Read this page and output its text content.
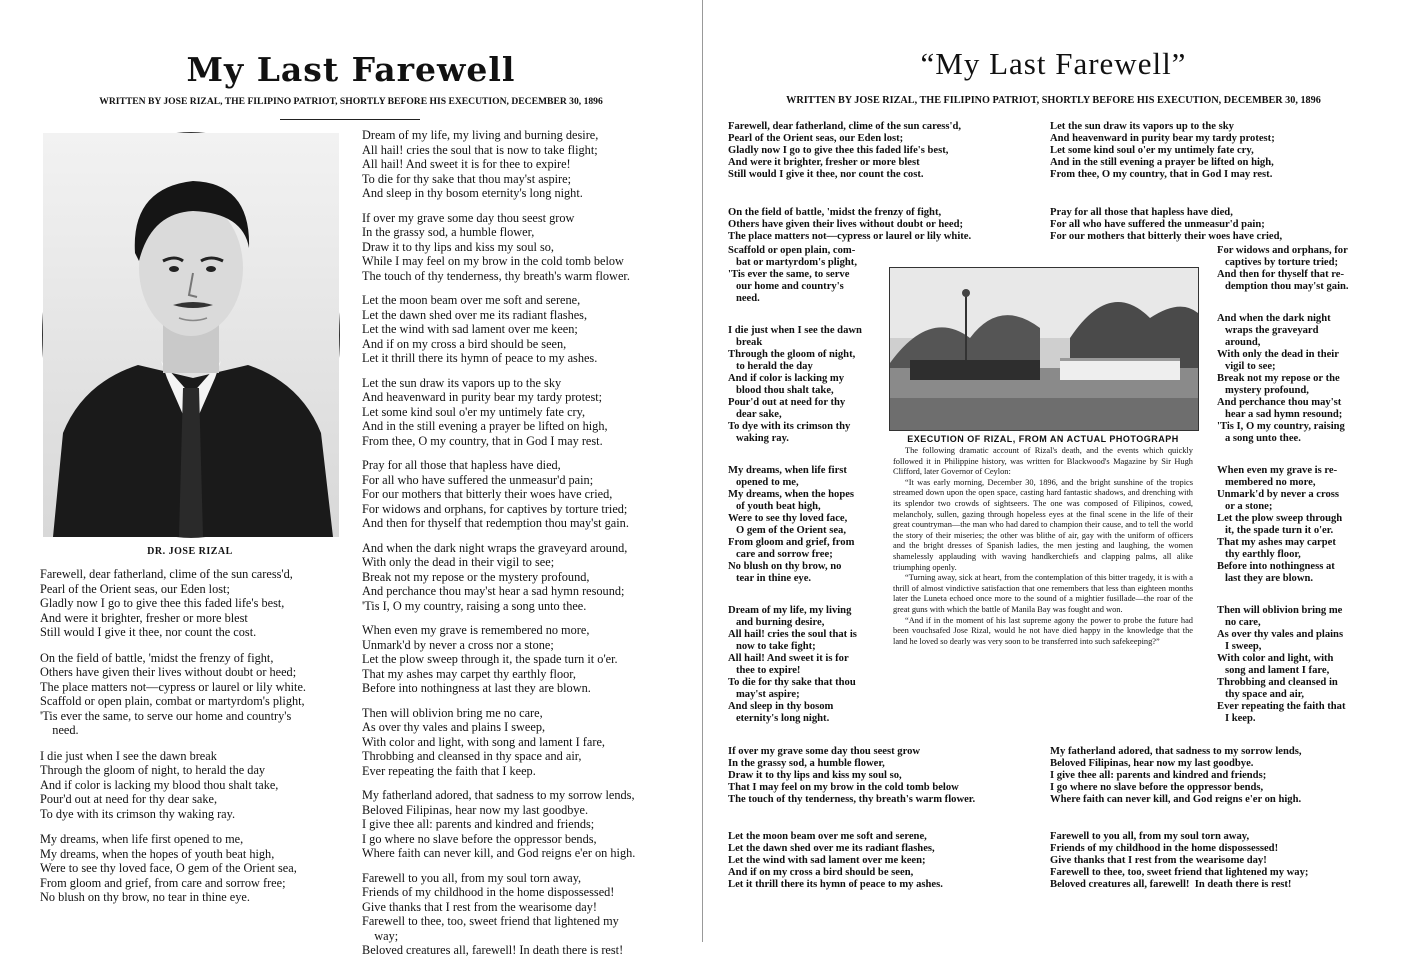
My Last Farewell
WRITTEN BY JOSE RIZAL, THE FILIPINO PATRIOT, SHORTLY BEFORE HIS EXECUTION, DECEMBER 30, 1896
DR. JOSE RIZAL

Farewell, dear fatherland, clime of the sun caress'd,
Pearl of the Orient seas, our Eden lost;
Gladly now I go to give thee this faded life's best,
And were it brighter, fresher or more blest
Still would I give it thee, nor count the cost.

On the field of battle, 'midst the frenzy of fight,
Others have given their lives without doubt or heed;
The place matters not—cypress or laurel or lily white.
Scaffold or open plain, combat or martyrdom's plight,
'Tis ever the same, to serve our home and country's
need.

I die just when I see the dawn break
Through the gloom of night, to herald the day
And if color is lacking my blood thou shalt take,
Pour'd out at need for thy dear sake,
To dye with its crimson thy waking ray.

My dreams, when life first opened to me,
My dreams, when the hopes of youth beat high,
Were to see thy loved face, O gem of the Orient sea,
From gloom and grief, from care and sorrow free;
No blush on thy brow, no tear in thine eye.

Dream of my life, my living and burning desire,
All hail! cries the soul that is now to take flight;
All hail! And sweet it is for thee to expire!
To die for thy sake that thou may'st aspire;
And sleep in thy bosom eternity's long night.

If over my grave some day thou seest grow
In the grassy sod, a humble flower,
Draw it to thy lips and kiss my soul so,
While I may feel on my brow in the cold tomb below
The touch of thy tenderness, thy breath's warm flower.

Let the moon beam over me soft and serene,
Let the dawn shed over me its radiant flashes,
Let the wind with sad lament over me keen;
And if on my cross a bird should be seen,
Let it thrill there its hymn of peace to my ashes.

Let the sun draw its vapors up to the sky
And heavenward in purity bear my tardy protest;
Let some kind soul o'er my untimely fate cry,
And in the still evening a prayer be lifted on high,
From thee, O my country, that in God I may rest.

Pray for all those that hapless have died,
For all who have suffered the unmeasur'd pain;
For our mothers that bitterly their woes have cried,
For widows and orphans, for captives by torture tried;
And then for thyself that redemption thou may'st gain.

And when the dark night wraps the graveyard around,
With only the dead in their vigil to see;
Break not my repose or the mystery profound,
And perchance thou may'st hear a sad hymn resound;
'Tis I, O my country, raising a song unto thee.

When even my grave is remembered no more,
Unmark'd by never a cross nor a stone;
Let the plow sweep through it, the spade turn it o'er.
That my ashes may carpet thy earthly floor,
Before into nothingness at last they are blown.

Then will oblivion bring me no care,
As over thy vales and plains I sweep,
With color and light, with song and lament I fare,
Throbbing and cleansed in thy space and air,
Ever repeating the faith that I keep.

My fatherland adored, that sadness to my sorrow lends,
Beloved Filipinas, hear now my last goodbye.
I give thee all: parents and kindred and friends;
I go where no slave before the oppressor bends,
Where faith can never kill, and God reigns e'er on high.

Farewell to you all, from my soul torn away,
Friends of my childhood in the home dispossessed!
Give thanks that I rest from the wearisome day!
Farewell to thee, too, sweet friend that lightened my
way;
Beloved creatures all, farewell! In death there is rest!

“My Last Farewell”
WRITTEN BY JOSE RIZAL, THE FILIPINO PATRIOT, SHORTLY BEFORE HIS EXECUTION, DECEMBER 30, 1896

Farewell, dear fatherland, clime of the sun caress'd,
Pearl of the Orient seas, our Eden lost;
Gladly now I go to give thee this faded life's best,
And were it brighter, fresher or more blest
Still would I give it thee, nor count the cost.

Let the sun draw its vapors up to the sky
And heavenward in purity bear my tardy protest;
Let some kind soul o'er my untimely fate cry,
And in the still evening a prayer be lifted on high,
From thee, O my country, that in God I may rest.

On the field of battle, 'midst the frenzy of fight,
Others have given their lives without doubt or heed;
The place matters not—cypress or laurel or lily white.

Pray for all those that hapless have died,
For all who have suffered the unmeasur'd pain;
For our mothers that bitterly their woes have cried,

Scaffold or open plain, com-
bat or martyrdom's plight,
'Tis ever the same, to serve
our home and country's
need.

I die just when I see the dawn
break
Through the gloom of night,
to herald the day
And if color is lacking my
blood thou shalt take,
Pour'd out at need for thy
dear sake,
To dye with its crimson thy
waking ray.

My dreams, when life first
opened to me,
My dreams, when the hopes
of youth beat high,
Were to see thy loved face,
O gem of the Orient sea,
From gloom and grief, from
care and sorrow free;
No blush on thy brow, no
tear in thine eye.

Dream of my life, my living
and burning desire,
All hail! cries the soul that is
now to take fight;
All hail! And sweet it is for
thee to expire!
To die for thy sake that thou
may'st aspire;
And sleep in thy bosom
eternity's long night.

For widows and orphans, for
captives by torture tried;
And then for thyself that re-
demption thou may'st gain.

And when the dark night
wraps the graveyard
around,
With only the dead in their
vigil to see;
Break not my repose or the
mystery profound,
And perchance thou may'st
hear a sad hymn resound;
'Tis I, O my country, raising
a song unto thee.

When even my grave is re-
membered no more,
Unmark'd by never a cross
or a stone;
Let the plow sweep through
it, the spade turn it o'er.
That my ashes may carpet
thy earthly floor,
Before into nothingness at
last they are blown.

Then will oblivion bring me
no care,
As over thy vales and plains
I sweep,
With color and light, with
song and lament I fare,
Throbbing and cleansed in
thy space and air,
Ever repeating the faith that
I keep.

EXECUTION OF RIZAL, FROM AN ACTUAL PHOTOGRAPH

The following dramatic account of Rizal's death, and the events which quickly followed it in Philippine history, was written for Blackwood's Magazine by Sir Hugh Clifford, later Governor of Ceylon:

“It was early morning, December 30, 1896, and the bright sunshine of the tropics streamed down upon the open space, casting hard fantastic shadows, and drenching with its splendor two crowds of sightseers. The one was composed of Filipinos, cowed, melancholy, sullen, gazing through hopeless eyes at the final scene in the life of their great countryman—the man who had dared to champion their cause, and to tell the world the story of their miseries; the other was blithe of air, gay with the uniform of officers and the bright dresses of Spanish ladies, the men jesting and laughing, the women shamelessly applauding with waving handkerchiefs and clapping palms, all alike triumphing openly.

“Turning away, sick at heart, from the contemplation of this bitter tragedy, it is with a thrill of almost vindictive satisfaction that one remembers that less than eighteen months later the Luneta echoed once more to the sound of a mightier fusillade—the roar of the great guns with which the battle of Manila Bay was fought and won.

“And if in the moment of his last supreme agony the power to probe the future had been vouchsafed Jose Rizal, would he not have died happy in the knowledge that the land he loved so dearly was very soon to be transferred into such safekeeping?”

If over my grave some day thou seest grow
In the grassy sod, a humble flower,
Draw it to thy lips and kiss my soul so,
That I may feel on my brow in the cold tomb below
The touch of thy tenderness, thy breath's warm flower.

My fatherland adored, that sadness to my sorrow lends,
Beloved Filipinas, hear now my last goodbye.
I give thee all: parents and kindred and friends;
I go where no slave before the oppressor bends,
Where faith can never kill, and God reigns e'er on high.

Let the moon beam over me soft and serene,
Let the dawn shed over me its radiant flashes,
Let the wind with sad lament over me keen;
And if on my cross a bird should be seen,
Let it thrill there its hymn of peace to my ashes.

Farewell to you all, from my soul torn away,
Friends of my childhood in the home dispossessed!
Give thanks that I rest from the wearisome day!
Farewell to thee, too, sweet friend that lightened my way;
Beloved creatures all, farewell!  In death there is rest!
